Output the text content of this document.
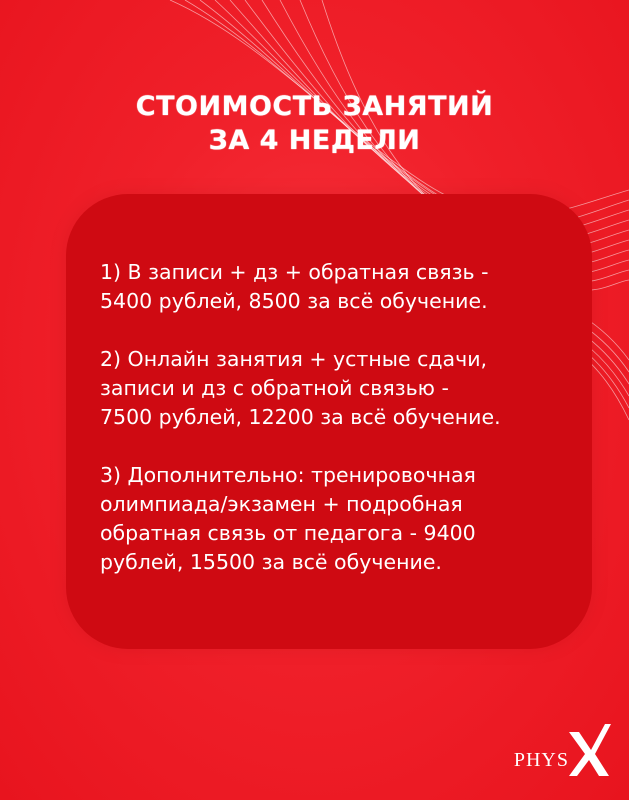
СТОИМОСТЬ ЗАНЯТИЙ
ЗА 4 НЕДЕЛИ
1) В записи + дз + обратная связь -
5400 рублей, 8500 за всё обучение.
2) Онлайн занятия + устные сдачи,
записи и дз с обратной связью -
7500 рублей, 12200 за всё обучение.
3) Дополнительно: тренировочная
олимпиада/экзамен + подробная
обратная связь от педагога - 9400
рублей, 15500 за всё обучение.
PHYS
